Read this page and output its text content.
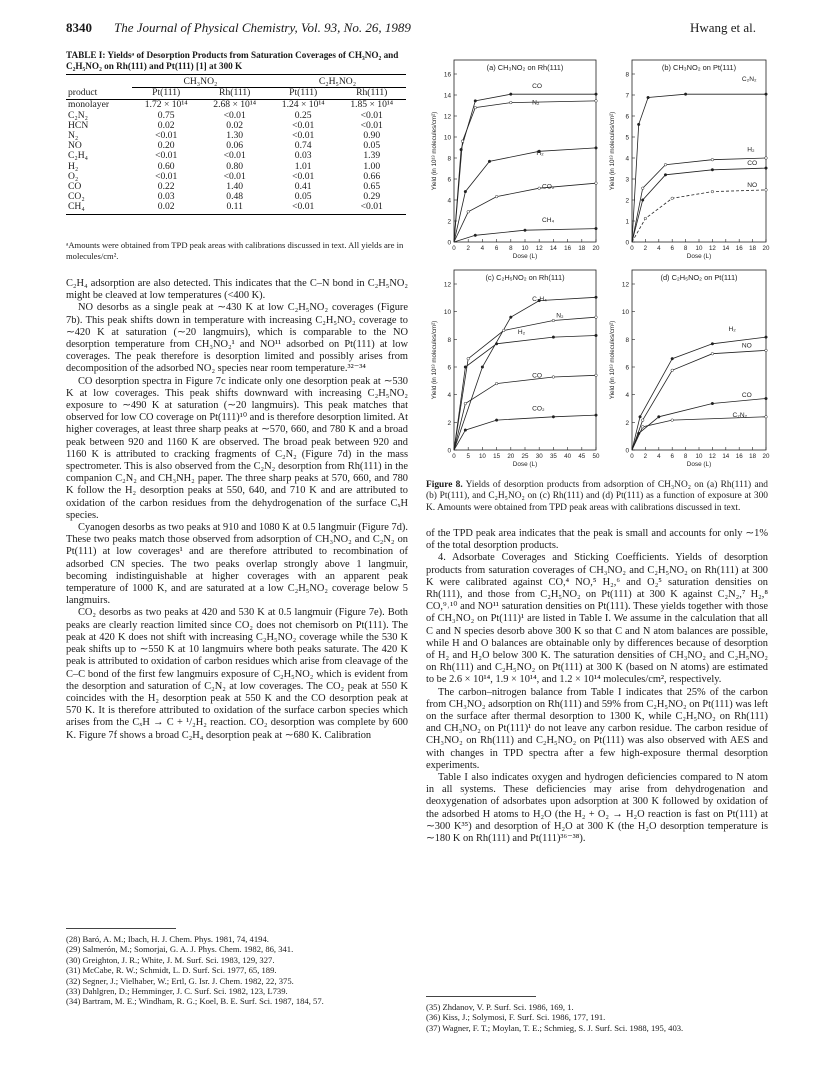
8340 The Journal of Physical Chemistry, Vol. 93, No. 26, 1989	Hwang et al.
TABLE I: Yieldsᵃ of Desorption Products from Saturation Coverages of CH₃NO₂ and C₂H₅NO₂ on Rh(111) and Pt(111) [1] at 300 K
	CH₃NO₂		C₂H₅NO₂	
product	Pt(111)	Rh(111)	Pt(111)	Rh(111)
monolayer	1.72 × 10¹⁴	2.68 × 10¹⁴	1.24 × 10¹⁴	1.85 × 10¹⁴
C₂N₂	0.75	<0.01	0.25	<0.01
HCN	0.02	0.02	<0.01	<0.01
N₂	<0.01	1.30	<0.01	0.90
NO	0.20	0.06	0.74	0.05
C₂H₄	<0.01	<0.01	0.03	1.39
H₂	0.60	0.80	1.01	1.00
O₂	<0.01	<0.01	<0.01	0.66
CO	0.22	1.40	0.41	0.65
CO₂	0.03	0.48	0.05	0.29
CH₄	0.02	0.11	<0.01	<0.01
ᵃAmounts were obtained from TPD peak areas with calibrations discussed in text. All yields are in molecules/cm².

C₂H₄ adsorption are also detected. This indicates that the C–N bond in C₂H₅NO₂ might be cleaved at low temperatures (<400 K).

NO desorbs as a single peak at ∼430 K at low C₂H₅NO₂ coverages (Figure 7b). This peak shifts down in temperature with increasing C₂H₅NO₂ coverage to ∼420 K at saturation (∼20 langmuirs), which is comparable to the NO desorption temperature from CH₃NO₂¹ and NO¹¹ adsorbed on Pt(111) at low coverages. The peak therefore is desorption limited and possibly arises from decomposition of the adsorbed NO₂ species near room temperature.³²⁻³⁴

CO desorption spectra in Figure 7c indicate only one desorption peak at ∼530 K at low coverages. This peak shifts downward with increasing C₂H₅NO₂ exposure to ∼490 K at saturation (∼20 langmuirs). This peak matches that observed for low CO coverage on Pt(111)¹⁰ and is therefore desorption limited. At higher coverages, at least three sharp peaks at ∼570, 660, and 780 K and a broad peak between 920 and 1160 K are observed. The broad peak between 920 and 1160 K is attributed to cracking fragments of C₂N₂ (Figure 7d) in the mass spectrometer. This is also observed from the C₂N₂ desorption from Rh(111) in the companion C₂N₂ and CH₃NH₂ paper. The three sharp peaks at 570, 660, and 780 K follow the H₂ desorption peaks at 550, 640, and 710 K and are attributed to oxidation of the carbon residues from the dehydrogenation of the surface CₓH species.

Cyanogen desorbs as two peaks at 910 and 1080 K at 0.5 langmuir (Figure 7d). These two peaks match those observed from adsorption of CH₃NO₂ and C₂N₂ on Pt(111) at low coverages¹ and are therefore attributed to recombination of adsorbed CN species. The two peaks overlap strongly above 1 langmuir, becoming indistinguishable at higher coverages with an apparent peak temperature of 1000 K, and are saturated at a low C₂H₅NO₂ coverage below 5 langmuirs.

CO₂ desorbs as two peaks at 420 and 530 K at 0.5 langmuir (Figure 7e). Both peaks are clearly reaction limited since CO₂ does not chemisorb on Pt(111). The peak at 420 K does not shift with increasing C₂H₅NO₂ coverage while the 530 K peak shifts up to ∼550 K at 10 langmuirs where both peaks saturate. The 420 K peak is attributed to oxidation of carbon residues which arise from cleavage of the C–C bond of the first few langmuirs exposure of C₂H₅NO₂ which is evident from the desorption and saturation of C₂N₂ at low coverages. The CO₂ peak at 550 K coincides with the H₂ desorption peak at 550 K and the CO desorption peak at 570 K. It is therefore attributed to oxidation of the surface carbon species which arises from the CₓH → C + ¹/₂H₂ reaction. CO₂ desorption was complete by 600 K. Figure 7f shows a broad C₂H₄ desorption peak at ∼680 K. Calibration

(a) CH₃NO₂ on Rh(111)
0
2
4
6
8
10
12
14
16
0 2 4 6 8 10 12 14 16 18 20
Dose (L)
Yield (in 10¹³ molecules/cm²)
CO
N₂
H₂
CO₂
CH₄
(b) CH₃NO₂ on Pt(111)
0
1
2
3
4
5
6
7
8
0 2 4 6 8 10 12 14 16 18 20
Dose (L)
Yield (in 10¹³ molecules/cm²)
C₂N₂
H₂
CO
NO
(c) C₂H₅NO₂ on Rh(111)
0
2
4
6
8
10
12
0 5 10 15 20 25 30 35 40 45 50
Dose (L)
Yield (in 10¹³ molecules/cm²)
C₂H₄
N₂
H₂
CO
CO₂
(d) C₂H₅NO₂ on Pt(111)
0
2
4
6
8
10
12
0 2 4 6 8 10 12 14 16 18 20
Dose (L)
Yield (in 10¹³ molecules/cm²)	H₂
NO
CO
C₂N₂
Figure 8. Yields of desorption products from adsorption of CH₃NO₂ on (a) Rh(111) and (b) Pt(111), and C₂H₅NO₂ on (c) Rh(111) and (d) Pt(111) as a function of exposure at 300 K. Amounts were obtained from TPD peak areas with calibrations discussed in text.

of the TPD peak area indicates that the peak is small and accounts for only ∼1% of the total desorption products.

4. Adsorbate Coverages and Sticking Coefficients. Yields of desorption products from saturation coverages of CH₃NO₂ and C₂H₅NO₂ on Rh(111) at 300 K were calibrated against CO,⁴ NO,⁵ H₂,⁶ and O₂⁵ saturation densities on Rh(111), and those from C₂H₅NO₂ on Pt(111) at 300 K against C₂N₂,⁷ H₂,⁸ CO,⁹˒¹⁰ and NO¹¹ saturation densities on Pt(111). These yields together with those of CH₃NO₂ on Pt(111)¹ are listed in Table I. We assume in the calculation that all C and N species desorb above 300 K so that C and N atom balances are possible, while H and O balances are obtainable only by differences because of desorption of H₂ and H₂O below 300 K. The saturation densities of CH₃NO₂ and C₂H₅NO₂ on Rh(111) and C₂H₅NO₂ on Pt(111) at 300 K (based on N atoms) are estimated to be 2.6 × 10¹⁴, 1.9 × 10¹⁴, and 1.2 × 10¹⁴ molecules/cm², respectively.

The carbon–nitrogen balance from Table I indicates that 25% of the carbon from CH₃NO₂ adsorption on Rh(111) and 59% from C₂H₅NO₂ on Pt(111) was left on the surface after thermal desorption to 1300 K, while C₂H₅NO₂ on Rh(111) and CH₃NO₂ on Pt(111)¹ do not leave any carbon residue. The carbon residue of CH₃NO₂ on Rh(111) and C₂H₅NO₂ on Pt(111) was also observed with AES and with changes in TPD spectra after a few high-exposure thermal desorption experiments.

Table I also indicates oxygen and hydrogen deficiencies compared to N atom in all systems. These deficiencies may arise from dehydrogenation and deoxygenation of adsorbates upon adsorption at 300 K followed by oxidation of the adsorbed H atoms to H₂O (the H₂ + O₂ → H₂O reaction is fast on Pt(111) at ∼300 K³⁵) and desorption of H₂O at 300 K (the H₂O desorption temperature is ∼180 K on Rh(111) and Pt(111)³⁶⁻³⁸).

(28) Baró, A. M.; Ibach, H. J. Chem. Phys. 1981, 74, 4194.
(29) Salmerón, M.; Somorjai, G. A. J. Phys. Chem. 1982, 86, 341.
(30) Greighton, J. R.; White, J. M. Surf. Sci. 1983, 129, 327.
(31) McCabe, R. W.; Schmidt, L. D. Surf. Sci. 1977, 65, 189.
(32) Segner, J.; Vielhaber, W.; Ertl, G. Isr. J. Chem. 1982, 22, 375.
(33) Dahlgren, D.; Hemminger, J. C. Surf. Sci. 1982, 123, L739.
(34) Bartram, M. E.; Windham, R. G.; Koel, B. E. Surf. Sci. 1987, 184, 57.
(35) Zhdanov, V. P. Surf. Sci. 1986, 169, 1.
(36) Kiss, J.; Solymosi, F. Surf. Sci. 1986, 177, 191.
(37) Wagner, F. T.; Moylan, T. E.; Schmieg, S. J. Surf. Sci. 1988, 195, 403.
